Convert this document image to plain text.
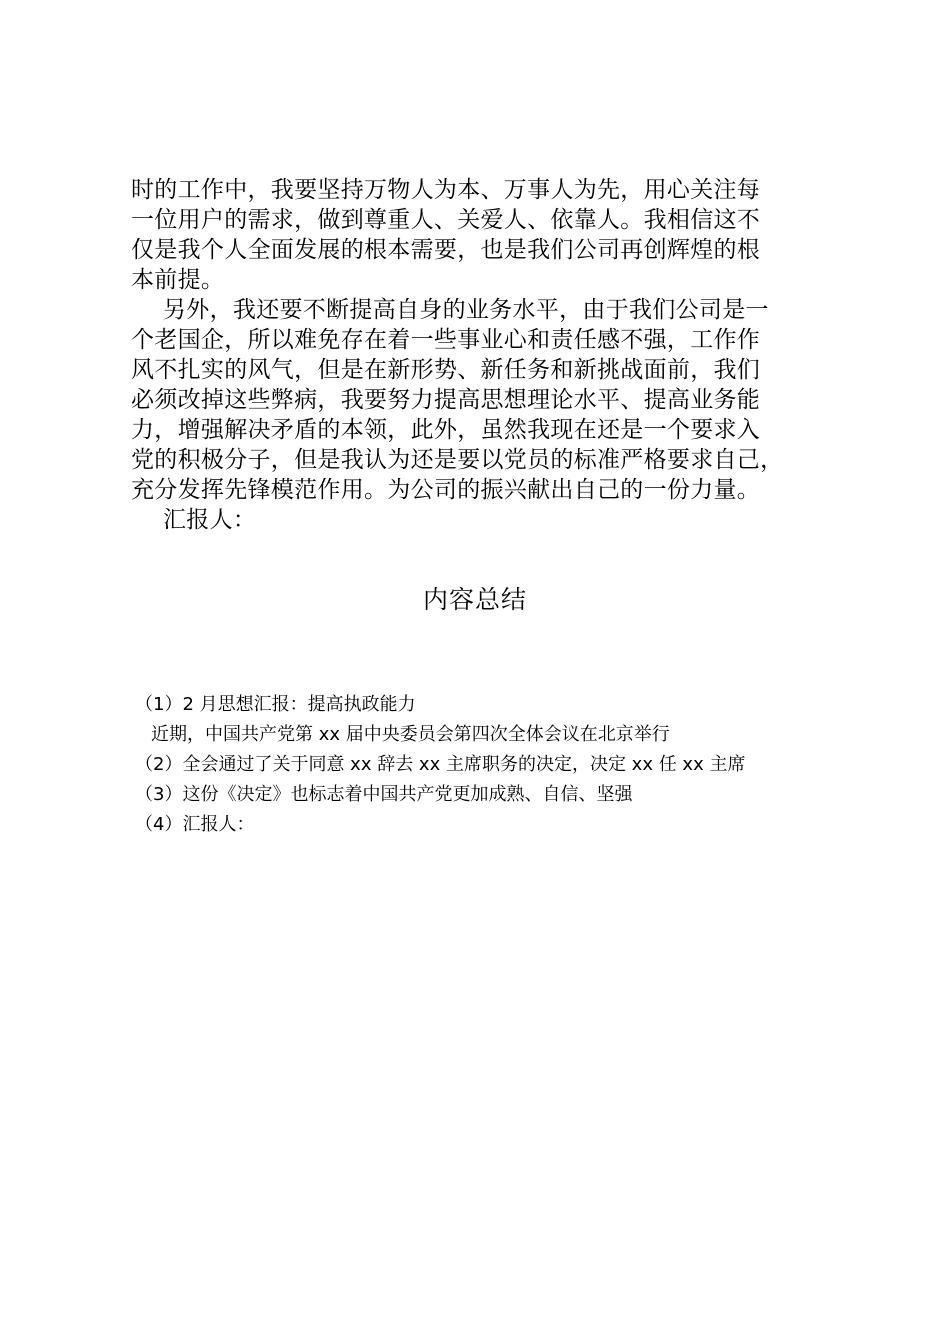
时的工作中，我要坚持万物人为本、万事人为先，用心关注每
一位用户的需求，做到尊重人、关爱人、依靠人。我相信这不
仅是我个人全面发展的根本需要，也是我们公司再创辉煌的根
本前提。
另外，我还要不断提高自身的业务水平，由于我们公司是一
个老国企，所以难免存在着一些事业心和责任感不强，工作作
风不扎实的风气，但是在新形势、新任务和新挑战面前，我们
必须改掉这些弊病，我要努力提高思想理论水平、提高业务能
力，增强解决矛盾的本领，此外，虽然我现在还是一个要求入
党的积极分子，但是我认为还是要以党员的标准严格要求自己，
充分发挥先锋模范作用。为公司的振兴献出自己的一份力量。
汇报人：
内容总结
（1）2 月思想汇报：提高执政能力
近期，中国共产党第 xx 届中央委员会第四次全体会议在北京举行
（2）全会通过了关于同意 xx 辞去 xx 主席职务的决定，决定 xx 任 xx 主席
（3）这份《决定》也标志着中国共产党更加成熟、自信、坚强
（4）汇报人：
